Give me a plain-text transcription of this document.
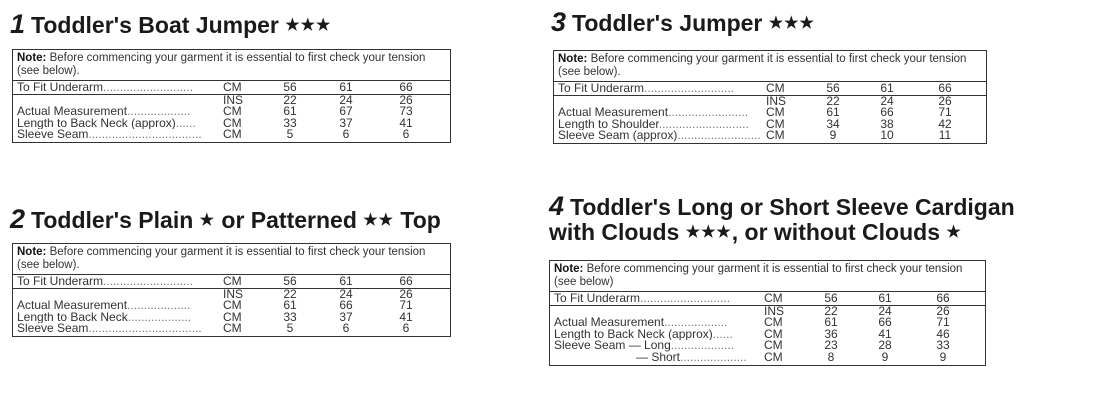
1 Toddler's Boat Jumper ★★★
Note: Before commencing your garment it is essential to first check your tension (see below).
To Fit Underarm...........................	CM	56	61	66
INS	22	24	26
Actual Measurement...................	CM	61	67	73
Length to Back Neck (approx)......	CM	33	37	41
Sleeve Seam..................................	CM	5	6	6
2 Toddler's Plain ★ or Patterned ★★ Top
Note: Before commencing your garment it is essential to first check your tension (see below).
To Fit Underarm...........................	CM	56	61	66
INS	22	24	26
Actual Measurement...................	CM	61	66	71
Length to Back Neck...................	CM	33	37	41
Sleeve Seam..................................	CM	5	6	6
3 Toddler's Jumper ★★★
Note: Before commencing your garment it is essential to first check your tension (see below).
To Fit Underarm...........................	CM	56	61	66
INS	22	24	26
Actual Measurement........................	CM	61	66	71
Length to Shoulder...........................	CM	34	38	42
Sleeve Seam (approx)......................... CM	9	10	11
4 Toddler's Long or Short Sleeve Cardigan
with Clouds ★★★, or without Clouds ★
Note: Before commencing your garment it is essential to first check your tension (see below)
To Fit Underarm...........................	CM	56	61	66
INS	22	24	26
Actual Measurement...................	CM	61	66	71
Length to Back Neck (approx)......	CM	36	41	46
Sleeve Seam — Long...................	CM	23	28	33
— Short....................	CM	8	9	9
